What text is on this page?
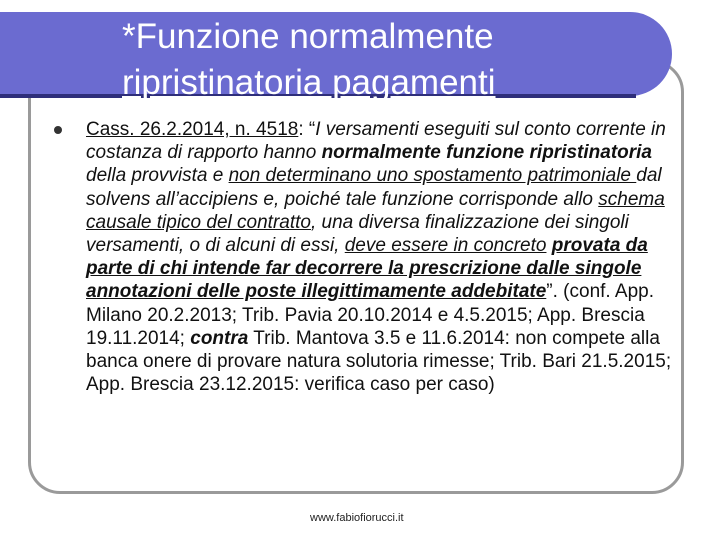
*Funzione normalmente
ripristinatoria pagamenti

Cass. 26.2.2014, n. 4518: “I versamenti eseguiti sul conto corrente in costanza di rapporto hanno normalmente funzione ripristinatoria della provvista e non determinano uno spostamento patrimoniale dal solvens all’accipiens e, poiché tale funzione corrisponde allo schema causale tipico del contratto, una diversa finalizzazione dei singoli versamenti, o di alcuni di essi, deve essere in concreto provata da parte di chi intende far decorrere la prescrizione dalle singole annotazioni delle poste illegittimamente addebitate”. (conf. App. Milano 20.2.2013; Trib. Pavia 20.10.2014 e 4.5.2015; App. Brescia 19.11.2014; contra Trib. Mantova 3.5 e 11.6.2014: non compete alla banca onere di provare natura solutoria rimesse; Trib. Bari 21.5.2015; App. Brescia 23.12.2015: verifica caso per caso)

www.fabiofiorucci.it
